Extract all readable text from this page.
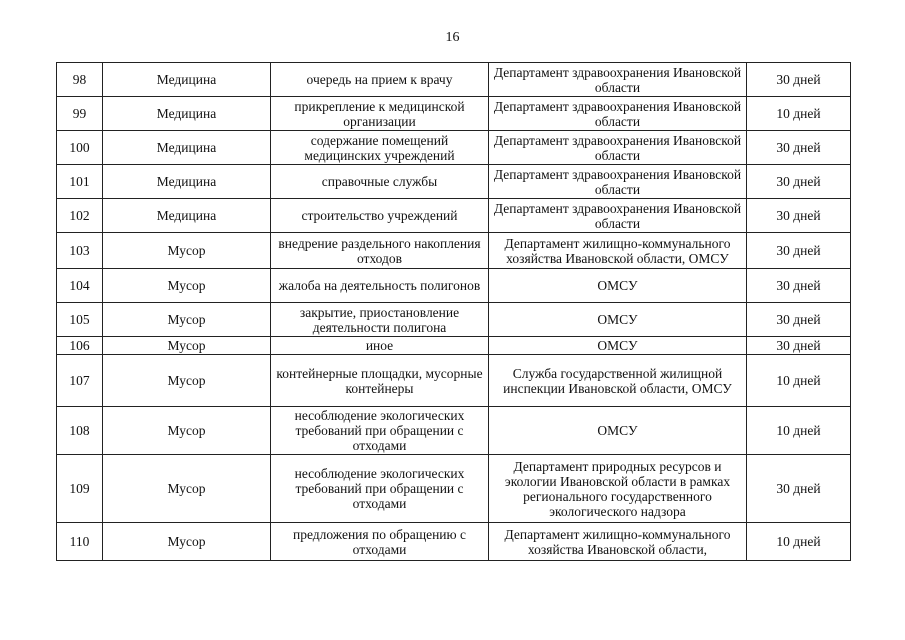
16
98	Медицина	очередь на прием к врачу	Департамент здравоохранения Ивановской области	30 дней
99	Медицина	прикрепление к медицинской организации	Департамент здравоохранения Ивановской области	10 дней
100	Медицина	содержание помещений медицинских учреждений	Департамент здравоохранения Ивановской области	30 дней
101	Медицина	справочные службы	Департамент здравоохранения Ивановской области	30 дней
102	Медицина	строительство учреждений	Департамент здравоохранения Ивановской области	30 дней
103	Мусор	внедрение раздельного накопления отходов	Департамент жилищно-коммунального хозяйства Ивановской области, ОМСУ	30 дней
104	Мусор	жалоба на деятельность полигонов	ОМСУ	30 дней
105	Мусор	закрытие, приостановление деятельности полигона	ОМСУ	30 дней
106	Мусор	иное	ОМСУ	30 дней
107	Мусор	контейнерные площадки, мусорные контейнеры	Служба государственной жилищной инспекции Ивановской области, ОМСУ	10 дней
108	Мусор	несоблюдение экологических требований при обращении с отходами	ОМСУ	10 дней
109	Мусор	несоблюдение экологических требований при обращении с отходами	Департамент природных ресурсов и экологии Ивановской области в рамках регионального государственного экологического надзора	30 дней
110	Мусор	предложения по обращению с отходами	Департамент жилищно-коммунального хозяйства Ивановской области,	10 дней
